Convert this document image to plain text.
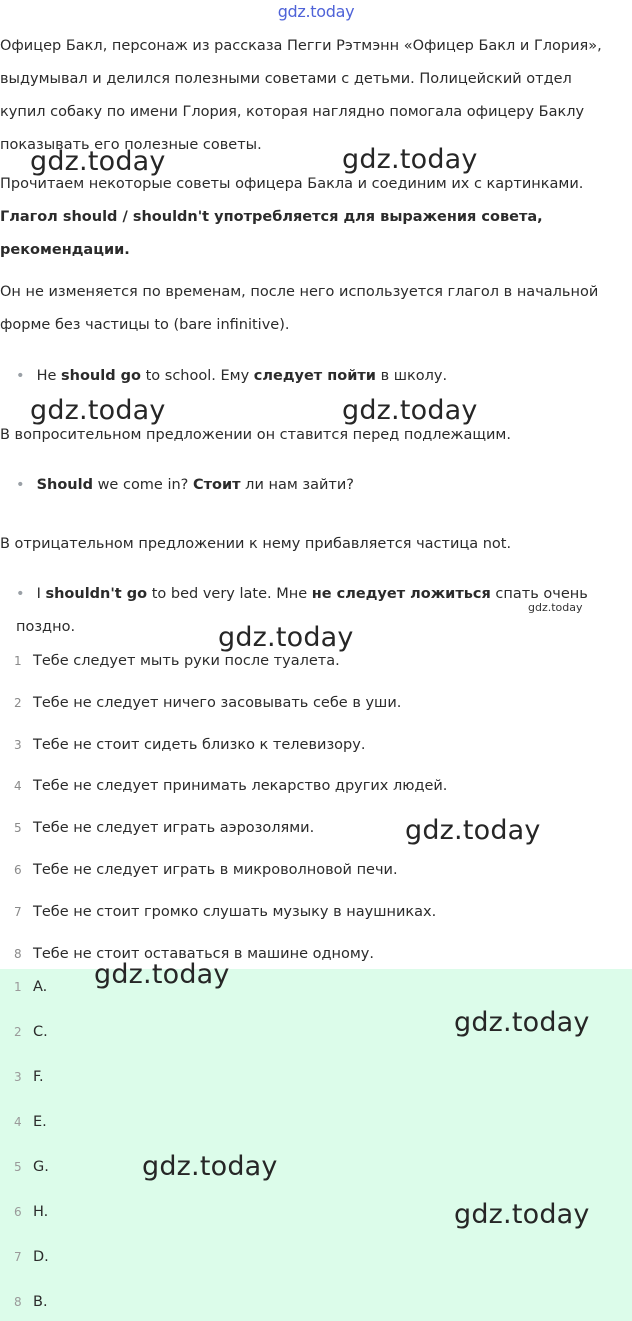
gdz.today

Офицер Бакл, персонаж из рассказа Пегги Рэтмэнн «Офицер Бакл и Глория»,
выдумывал и делился полезными советами с детьми. Полицейский отдел
купил собаку по имени Глория, которая наглядно помогала офицеру Баклу
показывать его полезные советы.

Прочитаем некоторые советы офицера Бакла и соединим их с картинками.

Глагол should / shouldn't употребляется для выражения совета,
рекомендации.

Он не изменяется по временам, после него используется глагол в начальной
форме без частицы to (bare infinitive).

• He should go to school. Ему следует пойти в школу.

В вопросительном предложении он ставится перед подлежащим.

• Should we come in? Стоит ли нам зайти?

В отрицательном предложении к нему прибавляется частица not.

• I shouldn't go to bed very late. Мне не следует ложиться спать очень
поздно.
1 Тебе следует мыть руки после туалета.
2 Тебе не следует ничего засовывать себе в уши.
3 Тебе не стоит сидеть близко к телевизору.
4 Тебе не следует принимать лекарство других людей.
5 Тебе не следует играть аэрозолями.
6 Тебе не следует играть в микроволновой печи.
7 Тебе не стоит громко слушать музыку в наушниках.
8 Тебе не стоит оставаться в машине одному.
1 A.
2 C.
3 F.
4 E.
5 G.
6 H.
7 D.
8 B.
gdz.today	gdz.today
gdz.today	gdz.today
gdz.today
gdz.today
gdz.today
gdz.today
gdz.today
gdz.today
gdz.today
